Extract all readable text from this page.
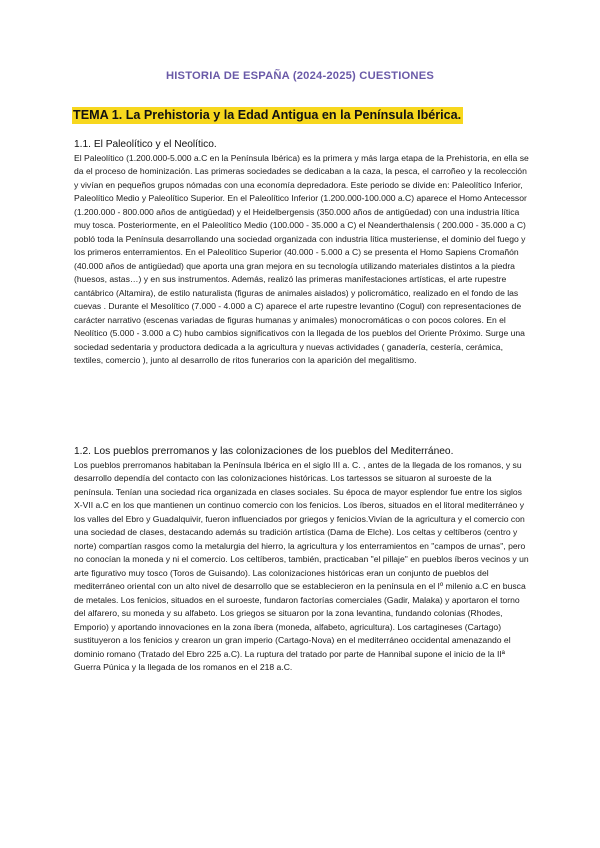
HISTORIA DE ESPAÑA (2024-2025) CUESTIONES
TEMA 1. La Prehistoria y la Edad Antigua en la Península Ibérica.

1.1. El Paleolítico y el Neolítico.

El Paleolítico (1.200.000-5.000 a.C en la Península Ibérica) es la primera y más larga etapa de la Prehistoria, en ella se da el proceso de hominización. Las primeras sociedades se dedicaban a la caza, la pesca, el carroñeo y la recolección y vivían en pequeños grupos nómadas con una economía depredadora. Este periodo se divide en: Paleolítico Inferior, Paleolítico Medio y Paleolítico Superior. En el Paleolítico Inferior (1.200.000-100.000 a.C) aparece el Homo Antecessor (1.200.000 - 800.000 años de antigüedad) y el Heidelbergensis (350.000 años de antigüedad) con una industria lítica muy tosca. Posteriormente, en el Paleolítico Medio (100.000 - 35.000 a C) el Neanderthalensis ( 200.000 - 35.000 a C) pobló toda la Península desarrollando una sociedad organizada con industria lítica musteriense, el dominio del fuego y los primeros enterramientos. En el Paleolítico Superior (40.000 - 5.000 a C) se presenta el Homo Sapiens Cromañón (40.000 años de antigüedad) que aporta una gran mejora en su tecnología utilizando materiales distintos a la piedra (huesos, astas…) y en sus instrumentos. Además, realizó las primeras manifestaciones artísticas, el arte rupestre cantábrico (Altamira), de estilo naturalista (figuras de animales aislados) y policromático, realizado en el fondo de las cuevas . Durante el Mesolítico (7.000 - 4.000 a C) aparece el arte rupestre levantino (Cogul) con representaciones de carácter narrativo (escenas variadas de figuras humanas y animales) monocromáticas o con pocos colores. En el Neolítico (5.000 - 3.000 a C) hubo cambios significativos con la llegada de los pueblos del Oriente Próximo. Surge una sociedad sedentaria y productora dedicada a la agricultura y nuevas actividades ( ganadería, cestería, cerámica, textiles, comercio ), junto al desarrollo de ritos funerarios con la aparición del megalitismo.

1.2. Los pueblos prerromanos y las colonizaciones de los pueblos del Mediterráneo.

Los pueblos prerromanos habitaban la Península Ibérica en el siglo III a. C. , antes de la llegada de los romanos, y su desarrollo dependía del contacto con las colonizaciones históricas. Los tartessos se situaron al suroeste de la península. Tenían una sociedad rica organizada en clases sociales. Su época de mayor esplendor fue entre los siglos X-VII a.C en los que mantienen un continuo comercio con los fenicios. Los íberos, situados en el litoral mediterráneo y los valles del Ebro y Guadalquivir, fueron influenciados por griegos y fenicios.Vivían de la agricultura y el comercio con una sociedad de clases, destacando además su tradición artística (Dama de Elche). Los celtas y celtíberos (centro y norte) compartían rasgos como la metalurgia del hierro, la agricultura y los enterramientos en "campos de urnas", pero no conocían la moneda y ni el comercio. Los celtíberos, también, practicaban "el pillaje" en pueblos íberos vecinos y un arte figurativo muy tosco (Toros de Guisando). Las colonizaciones históricas eran un conjunto de pueblos del mediterráneo oriental con un alto nivel de desarrollo que se establecieron en la península en el Iº milenio a.C en busca de metales. Los fenicios, situados en el suroeste, fundaron factorías comerciales (Gadir, Malaka) y aportaron el torno del alfarero, su moneda y su alfabeto. Los griegos se situaron por la zona levantina, fundando colonias (Rhodes, Emporio) y aportando innovaciones en la zona íbera (moneda, alfabeto, agricultura). Los cartagineses (Cartago) sustituyeron a los fenicios y crearon un gran imperio (Cartago-Nova) en el mediterráneo occidental amenazando el dominio romano (Tratado del Ebro 225 a.C). La ruptura del tratado por parte de Hannibal supone el inicio de la IIª Guerra Púnica y la llegada de los romanos en el 218 a.C.
